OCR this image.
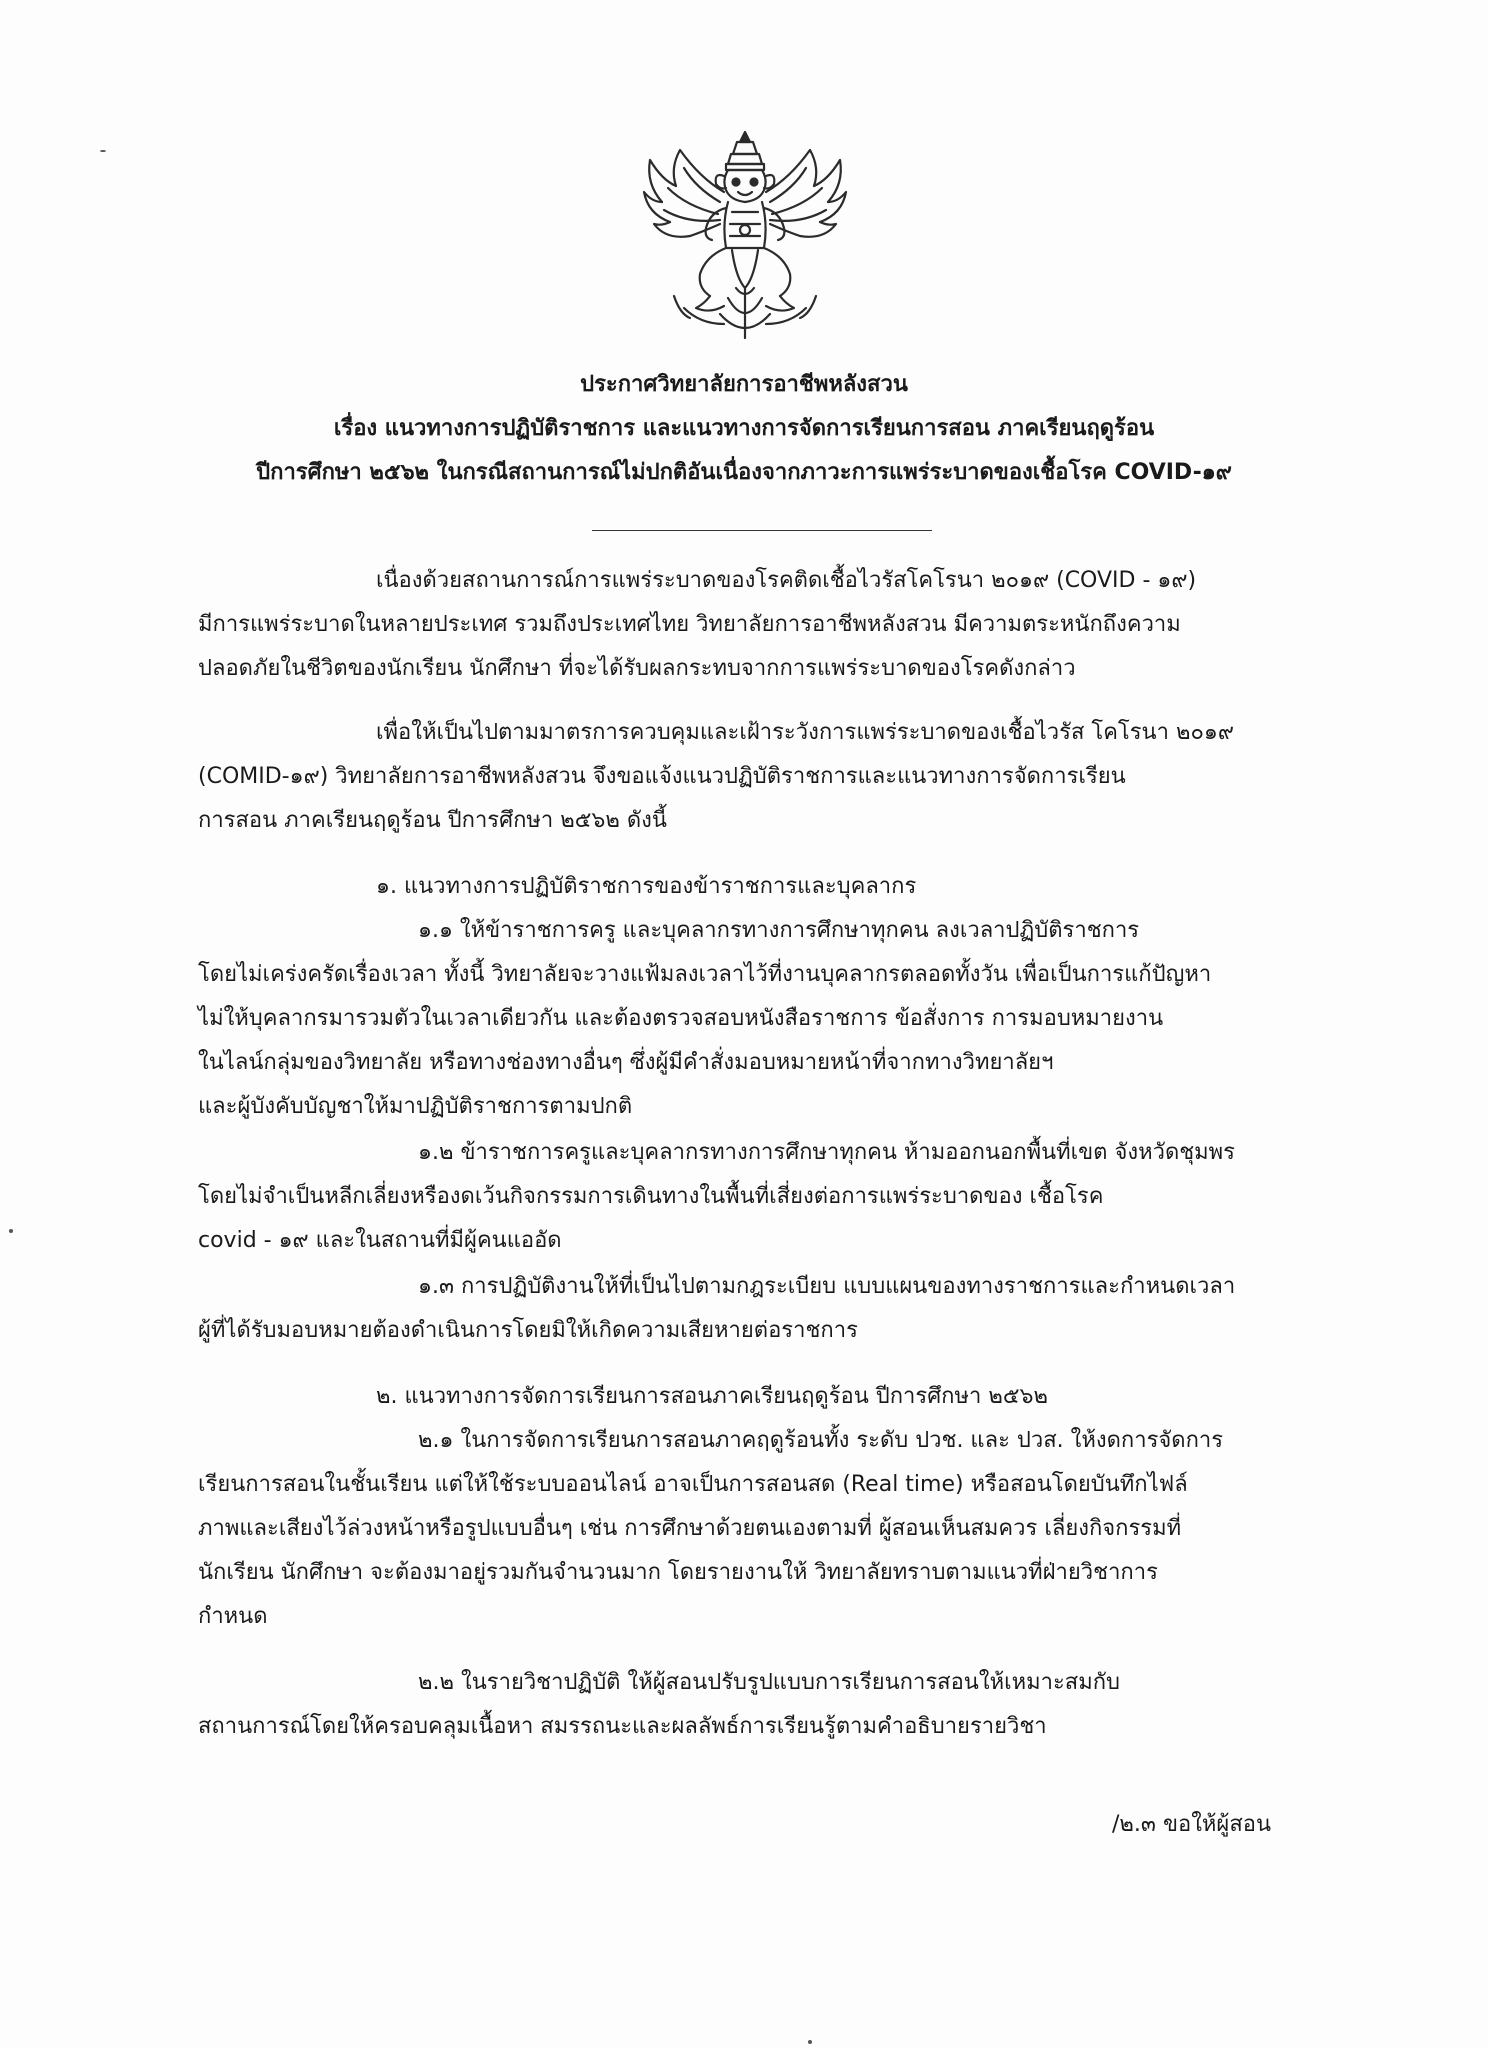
ประกาศวิทยาลัยการอาชีพหลังสวน
เรื่อง แนวทางการปฏิบัติราชการ และแนวทางการจัดการเรียนการสอน ภาคเรียนฤดูร้อน
ปีการศึกษา ๒๕๖๒ ในกรณีสถานการณ์ไม่ปกติอันเนื่องจากภาวะการแพร่ระบาดของเชื้อโรค COVID-๑๙
เนื่องด้วยสถานการณ์การแพร่ระบาดของโรคติดเชื้อไวรัสโคโรนา ๒๐๑๙ (COVID - ๑๙)
มีการแพร่ระบาดในหลายประเทศ รวมถึงประเทศไทย วิทยาลัยการอาชีพหลังสวน มีความตระหนักถึงความ
ปลอดภัยในชีวิตของนักเรียน นักศึกษา ที่จะได้รับผลกระทบจากการแพร่ระบาดของโรคดังกล่าว
เพื่อให้เป็นไปตามมาตรการควบคุมและเฝ้าระวังการแพร่ระบาดของเชื้อไวรัส โคโรนา ๒๐๑๙
(COMID-๑๙) วิทยาลัยการอาชีพหลังสวน จึงขอแจ้งแนวปฏิบัติราชการและแนวทางการจัดการเรียน
การสอน ภาคเรียนฤดูร้อน ปีการศึกษา ๒๕๖๒ ดังนี้
๑. แนวทางการปฏิบัติราชการของข้าราชการและบุคลากร
๑.๑ ให้ข้าราชการครู และบุคลากรทางการศึกษาทุกคน ลงเวลาปฏิบัติราชการ
โดยไม่เคร่งครัดเรื่องเวลา ทั้งนี้ วิทยาลัยจะวางแฟ้มลงเวลาไว้ที่งานบุคลากรตลอดทั้งวัน เพื่อเป็นการแก้ปัญหา
ไม่ให้บุคลากรมารวมตัวในเวลาเดียวกัน และต้องตรวจสอบหนังสือราชการ ข้อสั่งการ การมอบหมายงาน
ในไลน์กลุ่มของวิทยาลัย หรือทางช่องทางอื่นๆ ซึ่งผู้มีคำสั่งมอบหมายหน้าที่จากทางวิทยาลัยฯ
และผู้บังคับบัญชาให้มาปฏิบัติราชการตามปกติ
๑.๒ ข้าราชการครูและบุคลากรทางการศึกษาทุกคน ห้ามออกนอกพื้นที่เขต จังหวัดชุมพร
โดยไม่จำเป็นหลีกเลี่ยงหรืองดเว้นกิจกรรมการเดินทางในพื้นที่เสี่ยงต่อการแพร่ระบาดของ เชื้อโรค
covid - ๑๙ และในสถานที่มีผู้คนแออัด
๑.๓ การปฏิบัติงานให้ที่เป็นไปตามกฎระเบียบ แบบแผนของทางราชการและกำหนดเวลา
ผู้ที่ได้รับมอบหมายต้องดำเนินการโดยมิให้เกิดความเสียหายต่อราชการ
๒. แนวทางการจัดการเรียนการสอนภาคเรียนฤดูร้อน ปีการศึกษา ๒๕๖๒
๒.๑ ในการจัดการเรียนการสอนภาคฤดูร้อนทั้ง ระดับ ปวช. และ ปวส. ให้งดการจัดการ
เรียนการสอนในชั้นเรียน แต่ให้ใช้ระบบออนไลน์ อาจเป็นการสอนสด (Real time) หรือสอนโดยบันทึกไฟล์
ภาพและเสียงไว้ล่วงหน้าหรือรูปแบบอื่นๆ เช่น การศึกษาด้วยตนเองตามที่ ผู้สอนเห็นสมควร เลี่ยงกิจกรรมที่
นักเรียน นักศึกษา จะต้องมาอยู่รวมกันจำนวนมาก โดยรายงานให้ วิทยาลัยทราบตามแนวที่ฝ่ายวิชาการ
กำหนด
๒.๒ ในรายวิชาปฏิบัติ ให้ผู้สอนปรับรูปแบบการเรียนการสอนให้เหมาะสมกับ
สถานการณ์โดยให้ครอบคลุมเนื้อหา สมรรถนะและผลลัพธ์การเรียนรู้ตามคำอธิบายรายวิชา
/๒.๓ ขอให้ผู้สอน
